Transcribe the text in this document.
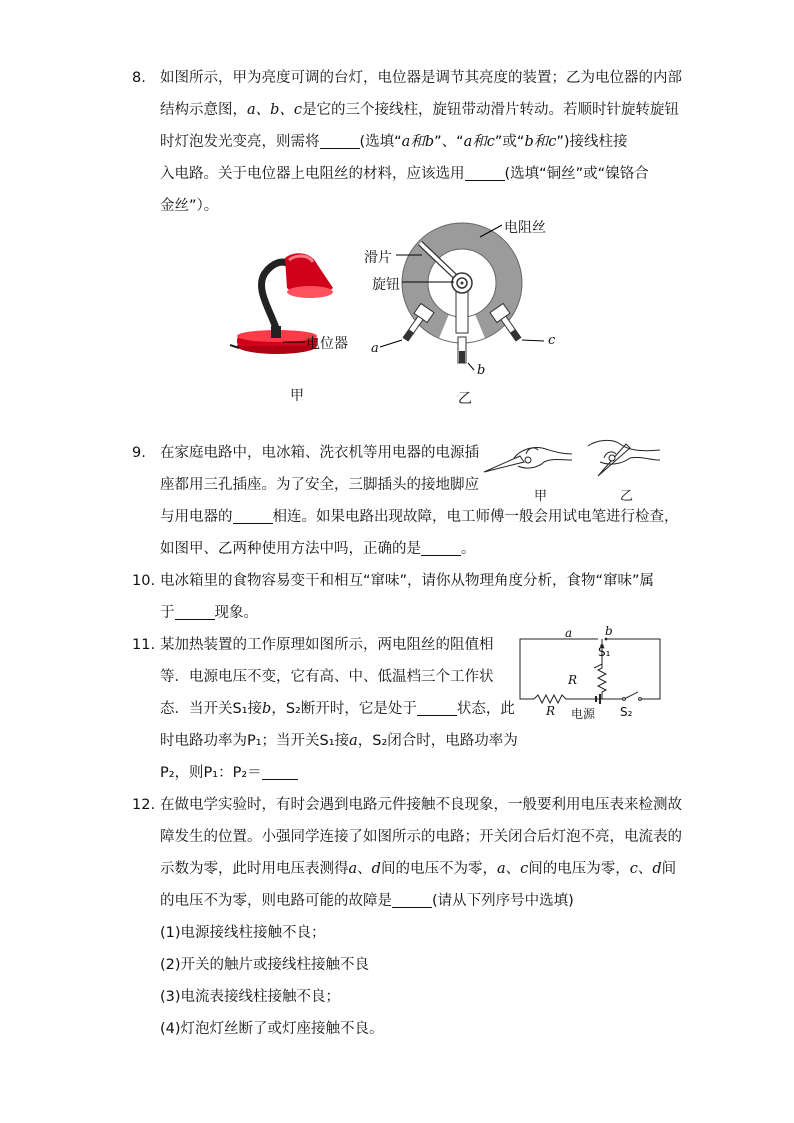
8. 如图所示，甲为亮度可调的台灯，电位器是调节其亮度的装置；乙为电位器的内部
结构示意图，a、b、c是它的三个接线柱，旋钮带动滑片转动。若顺时针旋转旋钮
时灯泡发光变亮，则需将	(选填“a和b”、“a和c”或“b和c”)接线柱接
入电路。关于电位器上电阻丝的材料，应该选用	(选填“铜丝”或“镍铬合
金丝”）。
电位器
甲
电阻丝
滑片
旋钮
a
b
c
乙
9. 在家庭电路中，电冰箱、洗衣机等用电器的电源插
座都用三孔插座。为了安全，三脚插头的接地脚应
与用电器的	相连。如果电路出现故障，电工师傅一般会用试电笔进行检查，
如图甲、乙两种使用方法中吗，正确的是	。
甲	乙
10. 电冰箱里的食物容易变干和相互“窜味”，请你从物理角度分析，食物“窜味”属
于	现象。
11. 某加热装置的工作原理如图所示，两电阻丝的阻值相
等．电源电压不变，它有高、中、低温档三个工作状
态．当开关S₁接b，S₂断开时，它是处于	状态，此
时电路功率为P₁；当开关S₁接a，S₂闭合时，电路功率为
P₂，则P₁：P₂＝
a	b
S₁
R
R 电源 S₂
12. 在做电学实验时，有时会遇到电路元件接触不良现象，一般要利用电压表来检测故
障发生的位置。小强同学连接了如图所示的电路；开关闭合后灯泡不亮，电流表的
示数为零，此时用电压表测得a、d间的电压不为零，a、c间的电压为零，c、d间
的电压不为零，则电路可能的故障是	(请从下列序号中选填)
(1)电源接线柱接触不良；
(2)开关的触片或接线柱接触不良
(3)电流表接线柱接触不良；
(4)灯泡灯丝断了或灯座接触不良。
